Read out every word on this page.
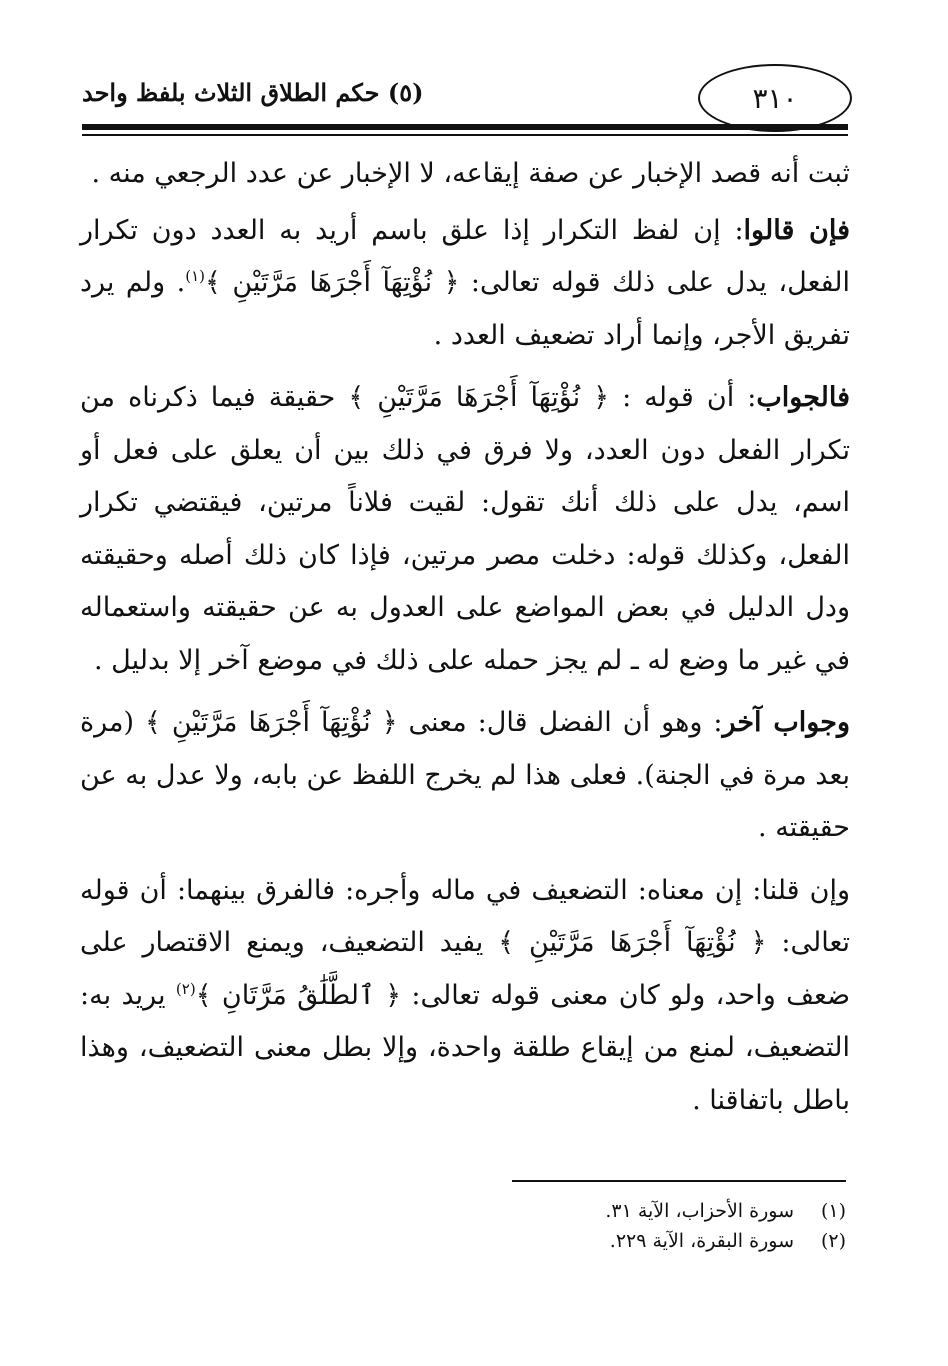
(٥) حكم الطلاق الثلاث بلفظ واحد	٣١٠

ثبت أنه قصد الإخبار عن صفة إيقاعه، لا الإخبار عن عدد الرجعي منه .

فإن قالوا: إن لفظ التكرار إذا علق باسم أريد به العدد دون تكرار الفعل، يدل على ذلك قوله تعالى: ﴿ نُؤْتِهَآ أَجْرَهَا مَرَّتَيْنِ ﴾$^{(١)}$. ولم يرد تفريق الأجر، وإنما أراد تضعيف العدد .

فالجواب: أن قوله : ﴿ نُؤْتِهَآ أَجْرَهَا مَرَّتَيْنِ ﴾ حقيقة فيما ذكرناه من تكرار الفعل دون العدد، ولا فرق في ذلك بين أن يعلق على فعل أو اسم، يدل على ذلك أنك تقول: لقيت فلاناً مرتين، فيقتضي تكرار الفعل، وكذلك قوله: دخلت مصر مرتين، فإذا كان ذلك أصله وحقيقته ودل الدليل في بعض المواضع على العدول به عن حقيقته واستعماله في غير ما وضع له ـ لم يجز حمله على ذلك في موضع آخر إلا بدليل .

وجواب آخر: وهو أن الفضل قال: معنى ﴿ نُؤْتِهَآ أَجْرَهَا مَرَّتَيْنِ ﴾ (مرة بعد مرة في الجنة). فعلى هذا لم يخرج اللفظ عن بابه، ولا عدل به عن حقيقته .

وإن قلنا: إن معناه: التضعيف في ماله وأجره: فالفرق بينهما: أن قوله تعالى: ﴿ نُؤْتِهَآ أَجْرَهَا مَرَّتَيْنِ ﴾ يفيد التضعيف، ويمنع الاقتصار على ضعف واحد، ولو كان معنى قوله تعالى: ﴿ ٱلطَّلَٰقُ مَرَّتَانِ ﴾$^{(٢)}$ يريد به: التضعيف، لمنع من إيقاع طلقة واحدة، وإلا بطل معنى التضعيف، وهذا باطل باتفاقنا .

(١)
سورة الأحزاب، الآية ٣١.
(٢)
سورة البقرة، الآية ٢٢٩.
